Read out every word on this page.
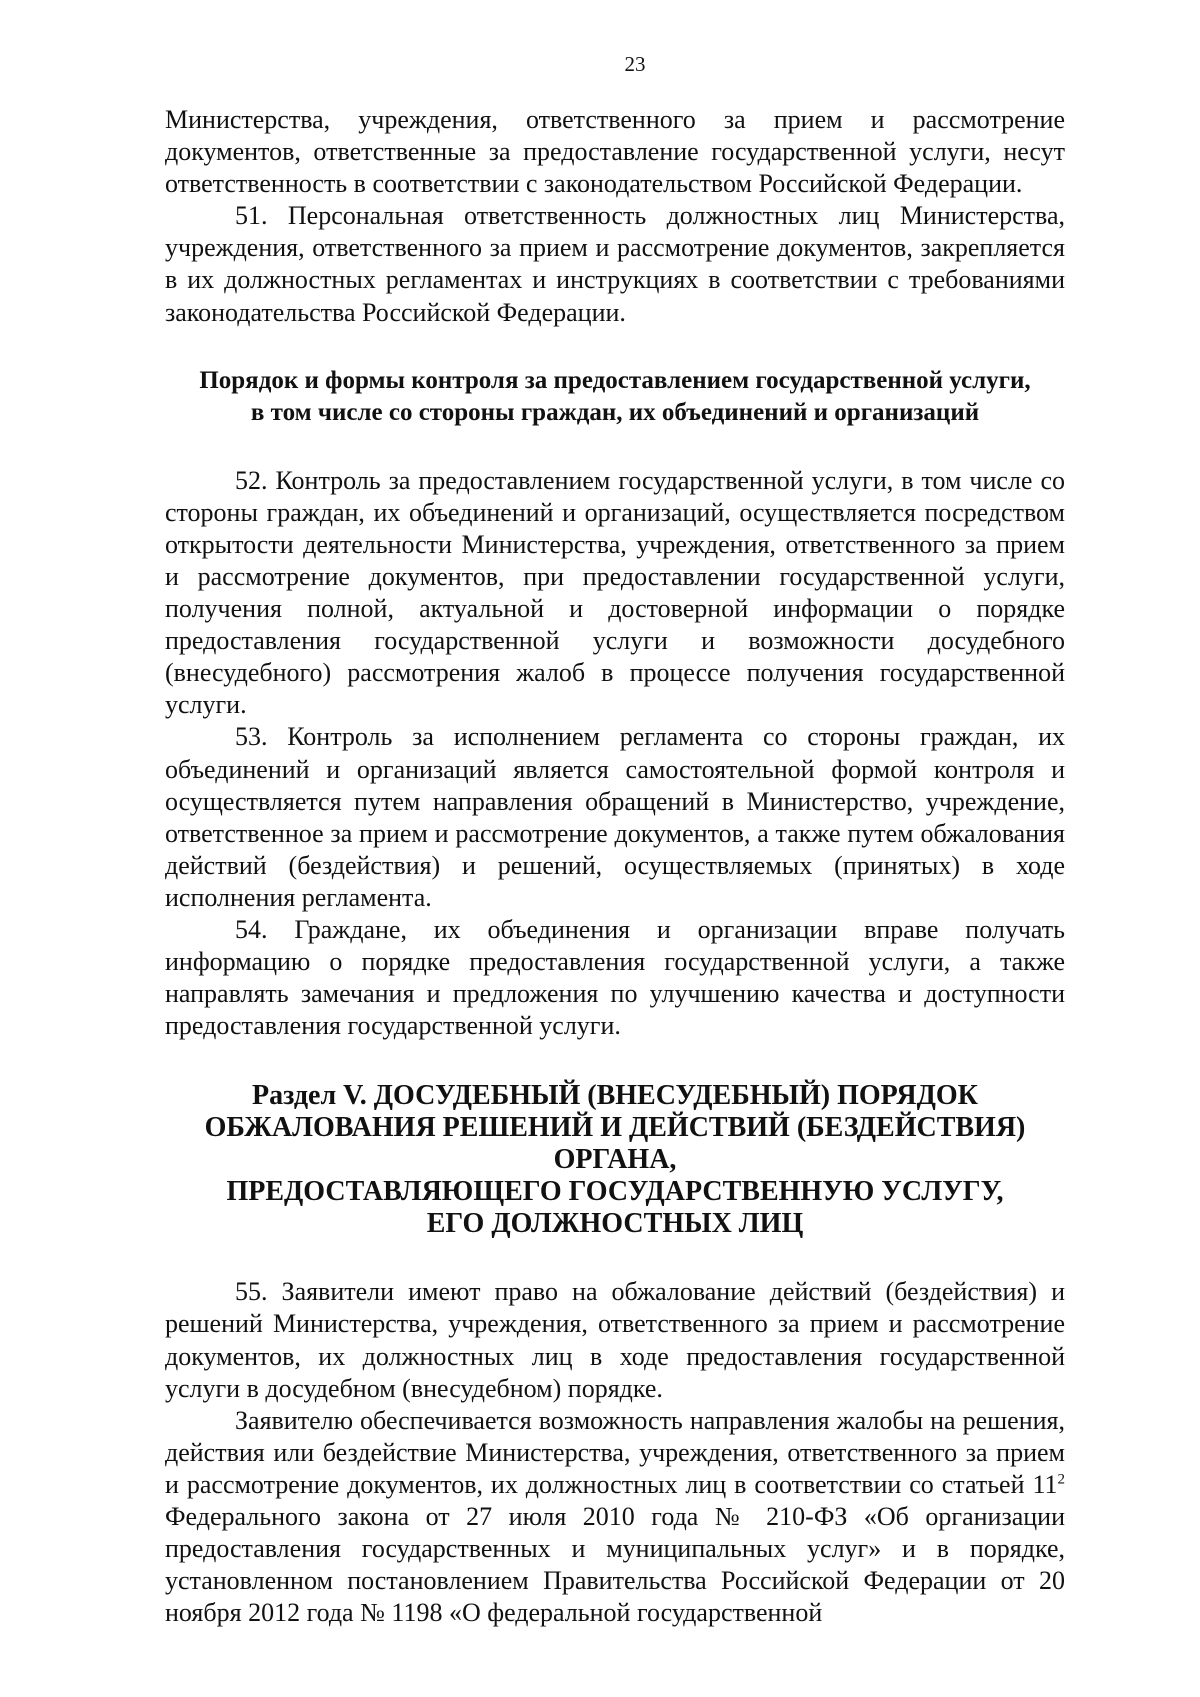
23

Министерства, учреждения, ответственного за прием и рассмотрение документов, ответственные за предоставление государственной услуги, несут ответственность в соответствии с законодательством Российской Федерации.

51. Персональная ответственность должностных лиц Министерства, учреждения, ответственного за прием и рассмотрение документов, закрепляется в их должностных регламентах и инструкциях в соответствии с требованиями законодательства Российской Федерации.

Порядок и формы контроля за предоставлением государственной услуги,
в том числе со стороны граждан, их объединений и организаций

52. Контроль за предоставлением государственной услуги, в том числе со стороны граждан, их объединений и организаций, осуществляется посредством открытости деятельности Министерства, учреждения, ответственного за прием и рассмотрение документов, при предоставлении государственной услуги, получения полной, актуальной и достоверной информации о порядке предоставления государственной услуги и возможности досудебного (внесудебного) рассмотрения жалоб в процессе получения государственной услуги.

53. Контроль за исполнением регламента со стороны граждан, их объединений и организаций является самостоятельной формой контроля и осуществляется путем направления обращений в Министерство, учреждение, ответственное за прием и рассмотрение документов, а также путем обжалования действий (бездействия) и решений, осуществляемых (принятых) в ходе исполнения регламента.

54. Граждане, их объединения и организации вправе получать информацию о порядке предоставления государственной услуги, а также направлять замечания и предложения по улучшению качества и доступности предоставления государственной услуги.

Раздел V. ДОСУДЕБНЫЙ (ВНЕСУДЕБНЫЙ) ПОРЯДОК
ОБЖАЛОВАНИЯ РЕШЕНИЙ И ДЕЙСТВИЙ (БЕЗДЕЙСТВИЯ) ОРГАНА,
ПРЕДОСТАВЛЯЮЩЕГО ГОСУДАРСТВЕННУЮ УСЛУГУ,
ЕГО ДОЛЖНОСТНЫХ ЛИЦ

55. Заявители имеют право на обжалование действий (бездействия) и решений Министерства, учреждения, ответственного за прием и рассмотрение документов, их должностных лиц в ходе предоставления государственной услуги в досудебном (внесудебном) порядке.

Заявителю обеспечивается возможность направления жалобы на решения, действия или бездействие Министерства, учреждения, ответственного за прием и рассмотрение документов, их должностных лиц в соответствии со статьей $11^2$ Федерального закона от 27 июля 2010 года № 210-ФЗ «Об организации предоставления государственных и муниципальных услуг» и в порядке, установленном постановлением Правительства Российской Федерации от 20 ноября 2012 года № 1198 «О федеральной государственной
